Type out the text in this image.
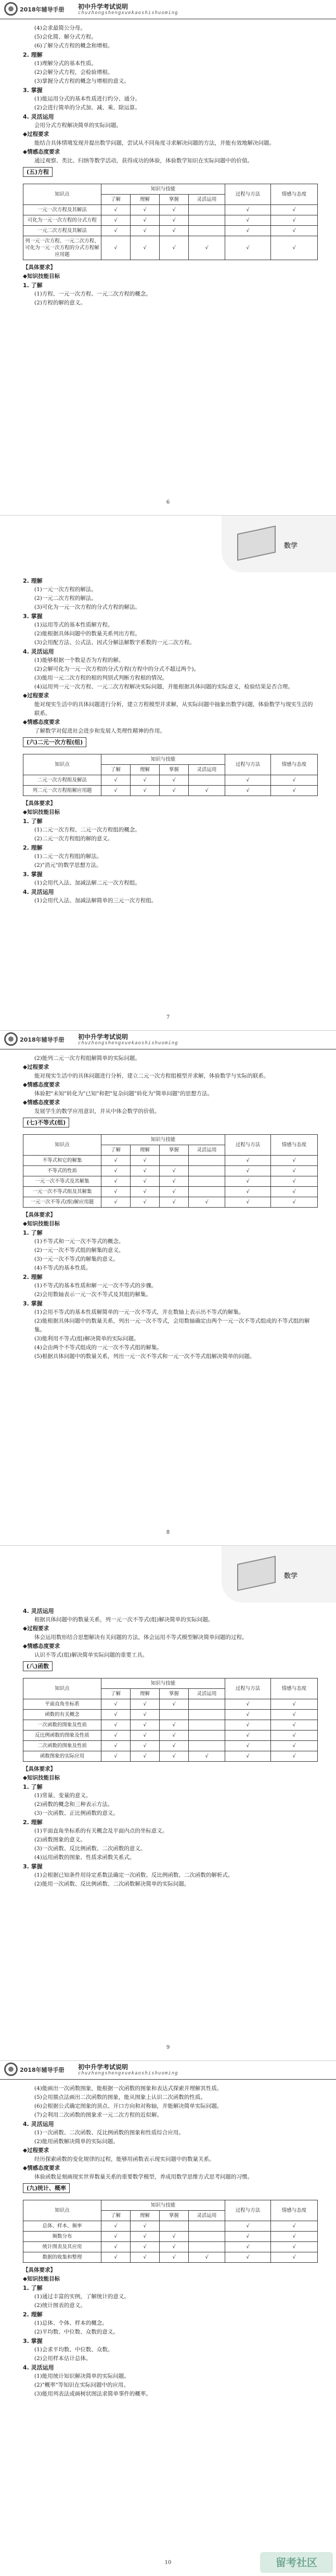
2018年辅导手册 初中升学考试说明
chuzhongshengxuekaoshishuoming

(4)会求最简公分母。

(5)会化简、解分式方程。

(6)了解分式方程的概念和增根。

2. 理解

(1)理解分式的基本性质。

(2)会解分式方程，会检验增根。

(3)掌握分式方程的概念与增根的意义。

3. 掌握

(1)能运用分式的基本性质进行约分、通分。

(2)会进行简单的分式加、减、乘、除运算。

4. 灵活运用

会用分式方程解决简单的实际问题。

◆过程要求

能结合具体情境发现并提出数学问题，尝试从不同角度寻求解决问题的方法，并能有效地解决问题。

◆情感态度要求

通过观察、类比、归纳等数学活动，获得成功的体验，体验数学知识在实际问题中的价值。

(五)方程

知识点	知识与技能				过程与方法	情感与态度
	了解	理解	掌握	灵活运用		
一元一次方程及其解法	√	√	√		√	√
可化为一元一次方程的分式方程	√	√	√		√	√
一元二次方程及其解法	√	√	√		√	√
列一元一次方程、一元二次方程、可化为一元一次方程的分式方程解应用题	√	√	√	√	√	√

【具体要求】

◆知识技能目标

1. 了解

(1)方程、一元一次方程、一元二次方程的概念。

(2)方程的解的意义。

6
数学

2. 理解

(1)一元一次方程的解法。

(2)一元二次方程的解法。

(3)可化为一元一次方程的分式方程的解法。

3. 掌握

(1)运用等式的基本性质解方程。

(2)能根据具体问题中的数量关系列出方程。

(3)会用配方法、公式法、因式分解法解数字系数的一元二次方程。

4. 灵活运用

(1)能够根据一个数是否为方程的解。

(2)会解可化为一元一次方程的分式方程(方程中的分式不超过两个)。

(3)能用一元二次方程的根的判别式判断方程根的情况。

(4)运用列一元一次方程、一元二次方程解决实际问题，并能根据具体问题的实际意义，检验结果是否合理。

◆过程要求

能对现实生活中的具体问题进行分析，建立方程模型并求解，从实际问题中抽象出数学问题，体验数学与现实生活的联系。

◆情感态度要求

了解数学对促进社会进步和发展人类理性精神的作用。

(六)二元一次方程(组)

知识点	知识与技能				过程与方法	情感与态度
	了解	理解	掌握	灵活运用		
二元一次方程组及解法	√	√	√		√	√
列二元一次方程组解应用题	√	√	√	√	√	√

【具体要求】

◆知识技能目标

1. 了解

(1)二元一次方程、二元一次方程组的概念。

(2)二元一次方程组的解的意义。

2. 理解

(1)二元一次方程组的解法。

(2)"消元"的数学思想方法。

3. 掌握

(1)会用代入法、加减法解二元一次方程组。

4. 灵活运用

(1)会用代入法、加减法解简单的三元一次方程组。

7
2018年辅导手册 初中升学考试说明
chuzhongshengxuekaoshishuoming

(2)能列二元一次方程组解简单的实际问题。

◆过程要求

能对现实生活中的具体问题进行分析，建立二元一次方程组模型并求解，体验数学与实际的联系。

◆情感态度要求

体验把"未知"转化为"已知"和把"复杂问题"转化为"简单问题"的思想方法。

◆情感态度要求

发展学生的数学应用意识，并从中体会数学的价值。

(七)不等式(组)

知识点	知识与技能				过程与方法	情感与态度
	了解	理解	掌握	灵活运用		
不等式和它的解集	√	√			√	√
不等式的性质	√	√	√		√	√
一元一次不等式及其解集	√	√	√		√	√
一元一次不等式组及其解集	√	√	√		√	√
一元一次不等式(组)解应用题	√	√	√	√	√	√

【具体要求】

◆知识技能目标

1. 了解

(1)不等式和一元一次不等式的概念。

(2)一元一次不等式组的解集的意义。

(3)一元一次不等式的解集的意义。

(4)不等式的基本性质。

2. 理解

(1)不等式的基本性质和解一元一次不等式的步骤。

(2)会用数轴表示一元一次不等式及其组的解集。

3. 掌握

(1)会用不等式的基本性质解简单的一元一次不等式，并在数轴上表示出不等式的解集。

(2)能根据具体问题中的数量关系，列出一元一次不等式，会用数轴确定由两个一元一次不等式组成的不等式组的解集。

(3)能利用不等式(组)解决简单的实际问题。

(4)会由两个不等式组成的一元一次不等式组的解集。

(5)根据具体问题中的数量关系，列出一元一次不等式和一元一次不等式组解决简单的问题。

8
数学

4. 灵活运用

根据具体问题中的数量关系，列一元一次不等式(组)解决简单的实际问题。

◆过程要求

体会运用数形结合思想解决有关问题的方法，体会运用不等式模型解决简单问题的过程。

◆情感态度要求

认识不等式(组)解决简单实际问题的重要工具。

(八)函数

知识点	知识与技能				过程与方法	情感与态度
	了解	理解	掌握	灵活运用		
平面直角坐标系	√	√	√		√	√
函数的有关概念	√	√			√	√
一次函数的图象及性质	√	√	√		√	√
反比例函数的图象及性质	√	√	√		√	√
二次函数的图象及性质	√	√	√		√	√
函数图象的实际应用	√	√	√	√	√	√

【具体要求】

◆知识技能目标

1. 了解

(1)常量、变量的意义。

(2)函数的概念和三种表示方法。

(3)一次函数、正比例函数的意义。

2. 理解

(1)平面直角坐标系的有关概念及平面内点的坐标意义。

(2)函数图象的意义。

(3)一次函数、反比例函数、二次函数的意义。

(4)运用函数的图象、性质求函数关系式。

3. 掌握

(1)会根据已知条件用待定系数法确定一次函数、反比例函数、二次函数的解析式。

(2)能用一次函数、反比例函数、二次函数解决简单的实际问题。

9
2018年辅导手册 初中升学考试说明
chuzhongshengxuekaoshishuoming

(4)能画出一次函数图象，能根据一次函数的图象和表达式探索并理解其性质。

(5)会用描点法画出二次函数的图象，能从图象上认识二次函数的性质。

(6)会根据公式确定图象的顶点、开口方向和对称轴，并能解决简单实际问题。

(7)会利用二次函数的图象求一元二次方程的近似解。

4. 灵活运用

(1)一次函数、二次函数、反比例函数的图象和性质综合应用。

(2)能用函数解决简单的实际问题。

◆过程要求

经历探索函数的变化规律的过程，能够用函数表示现实问题中的数量关系。

◆情感态度要求

体验函数是刻画现实世界数量关系的重要数学模型，养成用数学思维方式思考问题的习惯。

(九)统计、概率

知识点	知识与技能				过程与方法	情感与态度
	了解	理解	掌握	灵活运用		
总体、样本、频率	√	√			√	√
频数分布	√	√	√		√	√
统计图表及其应用	√	√	√		√	√
数据的收集和整理	√	√	√	√	√	√

【具体要求】

◆知识技能目标

1. 了解

(1)通过丰富的实例，了解统计的意义。

(2)统计图表的意义。

2. 理解

(1)总体、个体、样本的概念。

(2)平均数、中位数、众数的意义。

3. 掌握

(1)会求平均数、中位数、众数。

(2)会用样本估计总体。

4. 灵活运用

(1)能用统计知识解决简单的实际问题。

(2)"概率"等知识在实际问题中的应用。

(3)能用列表法或画树状图法求简单事件的概率。

10	留考社区
